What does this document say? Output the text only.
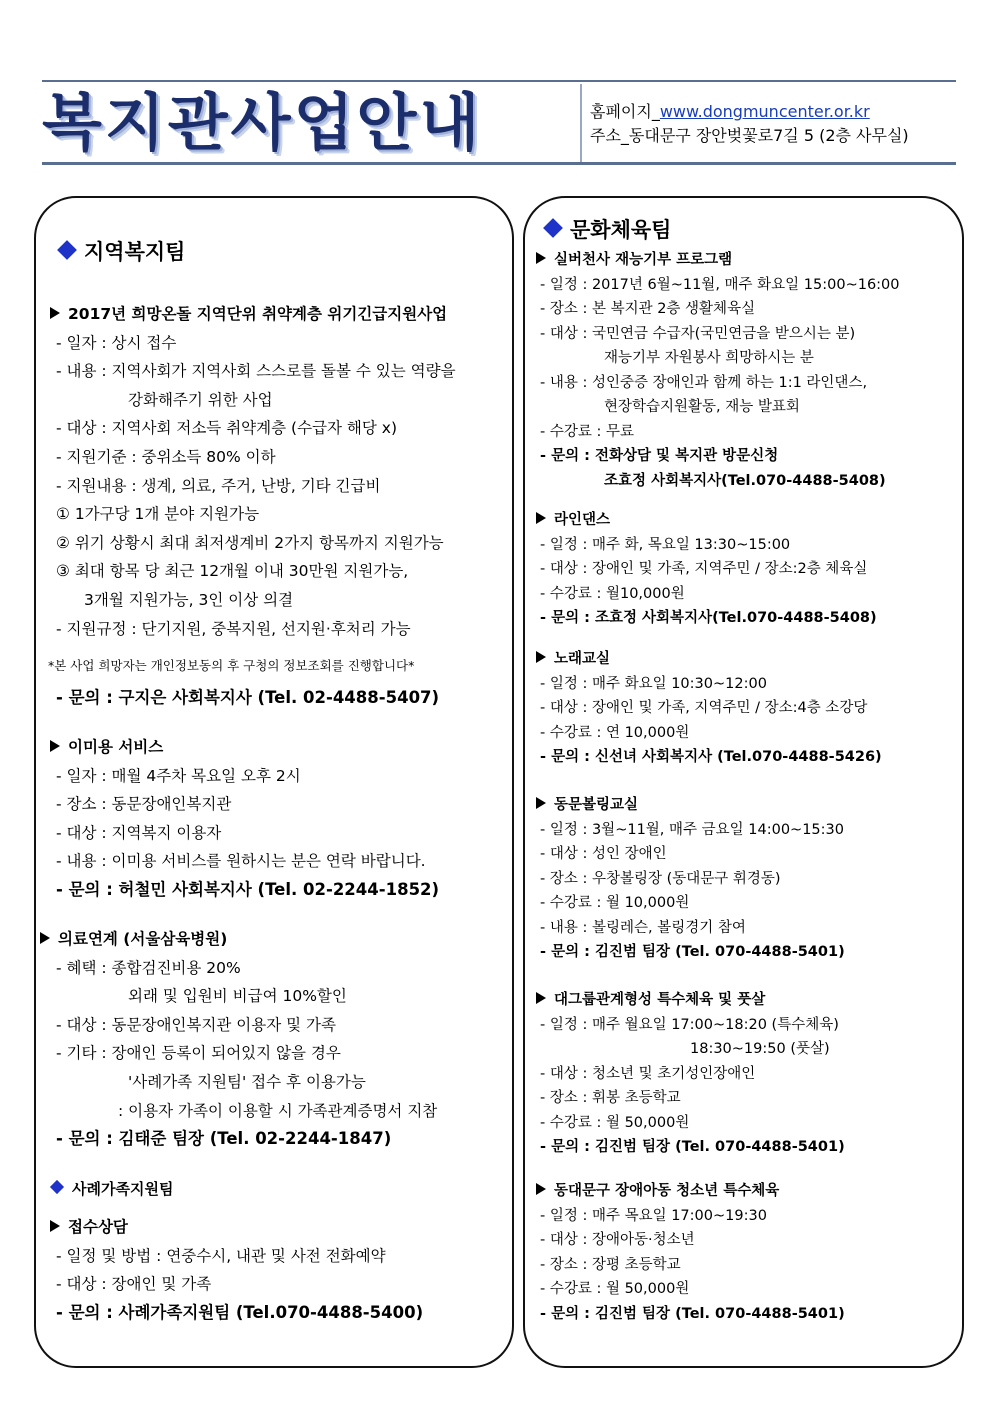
복지관사업안내	홈페이지_www.dongmuncenter.or.kr
주소_동대문구 장안벚꽃로7길 5 (2층 사무실)
지역복지팀
2017년 희망온돌 지역단위 취약계층 위기긴급지원사업
- 일자 : 상시 접수
- 내용 : 지역사회가 지역사회 스스로를 돌볼 수 있는 역량을
강화해주기 위한 사업
- 대상 : 지역사회 저소득 취약계층 (수급자 해당 x)
- 지원기준 : 중위소득 80% 이하
- 지원내용 : 생계, 의료, 주거, 난방, 기타 긴급비
① 1가구당 1개 분야 지원가능
② 위기 상황시 최대 최저생계비 2가지 항목까지 지원가능
③ 최대 항목 당 최근 12개월 이내 30만원 지원가능,
3개월 지원가능, 3인 이상 의결
- 지원규정 : 단기지원, 중복지원, 선지원·후처리 가능
*본 사업 희망자는 개인정보동의 후 구청의 정보조회를 진행합니다*
- 문의 : 구지은 사회복지사 (Tel. 02-4488-5407)
이미용 서비스
- 일자 : 매월 4주차 목요일 오후 2시
- 장소 : 동문장애인복지관
- 대상 : 지역복지 이용자
- 내용 : 이미용 서비스를 원하시는 분은 연락 바랍니다.
- 문의 : 허철민 사회복지사 (Tel. 02-2244-1852)
의료연계 (서울삼육병원)
- 혜택 : 종합검진비용 20%
외래 및 입원비 비급여 10%할인
- 대상 : 동문장애인복지관 이용자 및 가족
- 기타 : 장애인 등록이 되어있지 않을 경우
'사례가족 지원팀' 접수 후 이용가능
: 이용자 가족이 이용할 시 가족관계증명서 지참
- 문의 : 김태준 팀장 (Tel. 02-2244-1847)
사례가족지원팀
접수상담
- 일정 및 방법 : 연중수시, 내관 및 사전 전화예약
- 대상 : 장애인 및 가족
- 문의 : 사례가족지원팀 (Tel.070-4488-5400)
문화체육팀
실버천사 재능기부 프로그램
- 일정 : 2017년 6월~11월, 매주 화요일 15:00~16:00
- 장소 : 본 복지관 2층 생활체육실
- 대상 : 국민연금 수급자(국민연금을 받으시는 분)
재능기부 자원봉사 희망하시는 분
- 내용 : 성인중증 장애인과 함께 하는 1:1 라인댄스,
현장학습지원활동, 재능 발표회
- 수강료 : 무료
- 문의 : 전화상담 및 복지관 방문신청
조효정 사회복지사(Tel.070-4488-5408)
라인댄스
- 일정 : 매주 화, 목요일 13:30~15:00
- 대상 : 장애인 및 가족, 지역주민 / 장소:2층 체육실
- 수강료 : 월10,000원
- 문의 : 조효정 사회복지사(Tel.070-4488-5408)
노래교실
- 일정 : 매주 화요일 10:30~12:00
- 대상 : 장애인 및 가족, 지역주민 / 장소:4층 소강당
- 수강료 : 연 10,000원
- 문의 : 신선녀 사회복지사 (Tel.070-4488-5426)
동문볼링교실
- 일정 : 3월~11월, 매주 금요일 14:00~15:30
- 대상 : 성인 장애인
- 장소 : 우창볼링장 (동대문구 휘경동)
- 수강료 : 월 10,000원
- 내용 : 볼링레슨, 볼링경기 참여
- 문의 : 김진범 팀장 (Tel. 070-4488-5401)
대그룹관계형성 특수체육 및 풋살
- 일정 : 매주 월요일 17:00~18:20 (특수체육)
18:30~19:50 (풋살)
- 대상 : 청소년 및 초기성인장애인
- 장소 : 휘봉 초등학교
- 수강료 : 월 50,000원
- 문의 : 김진범 팀장 (Tel. 070-4488-5401)
동대문구 장애아동 청소년 특수체육
- 일정 : 매주 목요일 17:00~19:30
- 대상 : 장애아동·청소년
- 장소 : 장평 초등학교
- 수강료 : 월 50,000원
- 문의 : 김진범 팀장 (Tel. 070-4488-5401)
